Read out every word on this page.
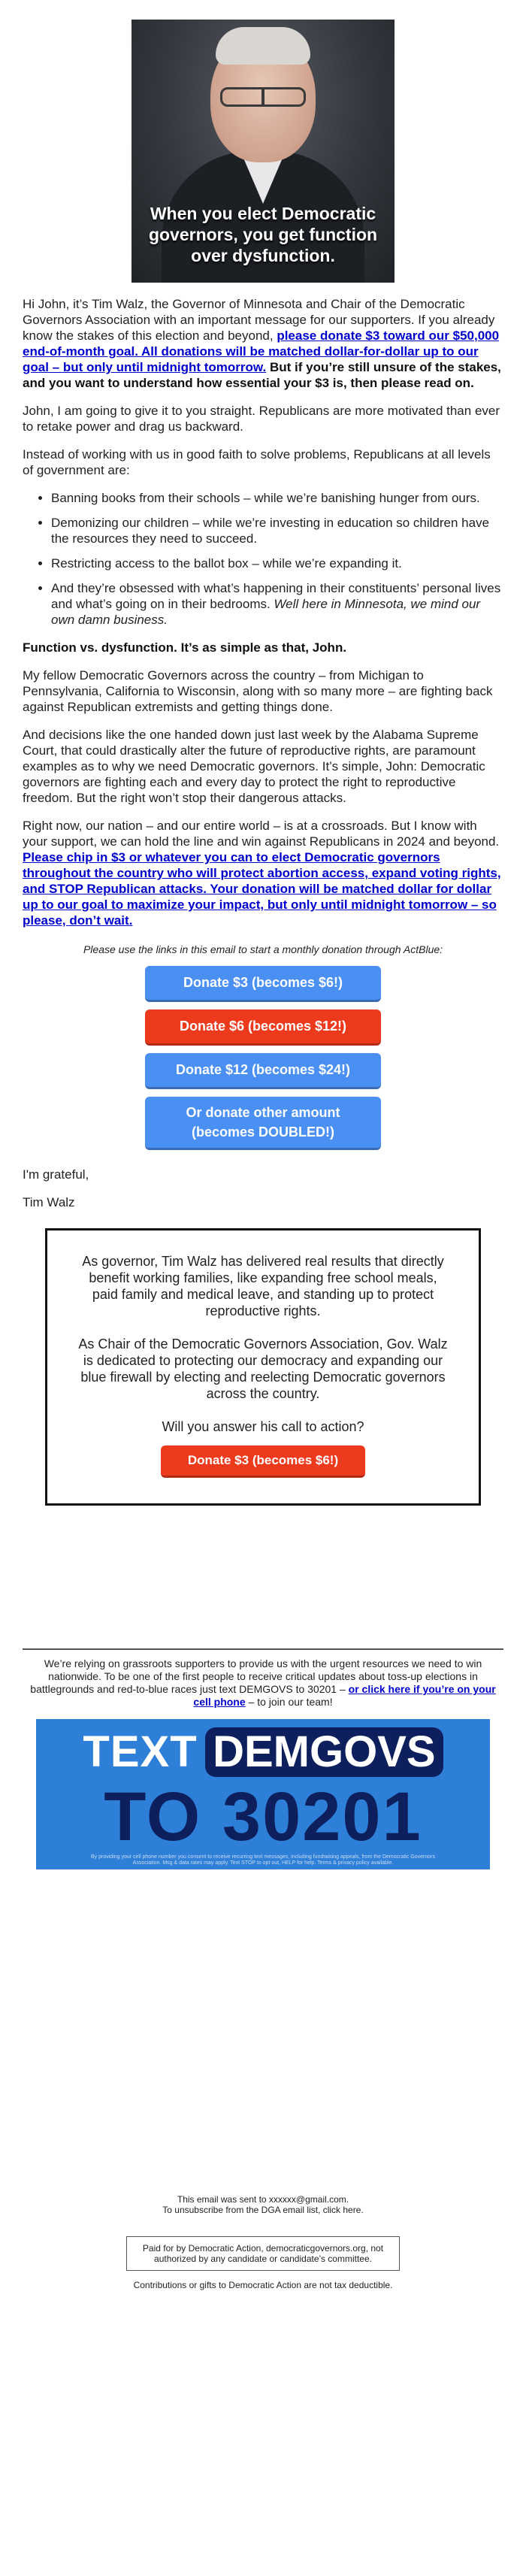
When you elect Democratic governors, you get function over dysfunction.

Hi John, it’s Tim Walz, the Governor of Minnesota and Chair of the Democratic Governors Association with an important message for our supporters. If you already know the stakes of this election and beyond, please donate $3 toward our $50,000 end-of-month goal. All donations will be matched dollar-for-dollar up to our goal – but only until midnight tomorrow. But if you’re still unsure of the stakes, and you want to understand how essential your $3 is, then please read on.

John, I am going to give it to you straight. Republicans are more motivated than ever to retake power and drag us backward.

Instead of working with us in good faith to solve problems, Republicans at all levels of government are:

• Banning books from their schools – while we’re banishing hunger from ours.
• Demonizing our children – while we’re investing in education so children have the resources they need to succeed.
• Restricting access to the ballot box – while we’re expanding it.
• And they’re obsessed with what’s happening in their constituents’ personal lives and what’s going on in their bedrooms. Well here in Minnesota, we mind our own damn business.

Function vs. dysfunction. It’s as simple as that, John.

My fellow Democratic Governors across the country – from Michigan to Pennsylvania, California to Wisconsin, along with so many more – are fighting back against Republican extremists and getting things done.

And decisions like the one handed down just last week by the Alabama Supreme Court, that could drastically alter the future of reproductive rights, are paramount examples as to why we need Democratic governors. It’s simple, John: Democratic governors are fighting each and every day to protect the right to reproductive freedom. But the right won’t stop their dangerous attacks.

Right now, our nation – and our entire world – is at a crossroads. But I know with your support, we can hold the line and win against Republicans in 2024 and beyond. Please chip in $3 or whatever you can to elect Democratic governors throughout the country who will protect abortion access, expand voting rights, and STOP Republican attacks. Your donation will be matched dollar for dollar up to our goal to maximize your impact, but only until midnight tomorrow – so please, don’t wait.

Please use the links in this email to start a monthly donation through ActBlue:
Donate $3 (becomes $6!)
Donate $6 (becomes $12!)
Donate $12 (becomes $24!)
Or donate other amount
(becomes DOUBLED!)

I'm grateful,

Tim Walz

As governor, Tim Walz has delivered real results that directly benefit working families, like expanding free school meals, paid family and medical leave, and standing up to protect reproductive rights.

As Chair of the Democratic Governors Association, Gov. Walz is dedicated to protecting our democracy and expanding our blue firewall by electing and reelecting Democratic governors across the country.

Will you answer his call to action?

Donate $3 (becomes $6!)

We’re relying on grassroots supporters to provide us with the urgent resources we need to win nationwide. To be one of the first people to receive critical updates about toss-up elections in battlegrounds and red-to-blue races just text DEMGOVS to 30201 – or click here if you’re on your cell phone – to join our team!

TEXT DEMGOVS
TO 30201
By providing your cell phone number you consent to receive recurring text messages, including fundraising appeals, from the Democratic Governors Association. Msg & data rates may apply. Text STOP to opt out, HELP for help. Terms & privacy policy available.
This email was sent to xxxxxx@gmail.com.
To unsubscribe from the DGA email list, click here.
Paid for by Democratic Action, democraticgovernors.org, not authorized by any candidate or candidate’s committee.
Contributions or gifts to Democratic Action are not tax deductible.
